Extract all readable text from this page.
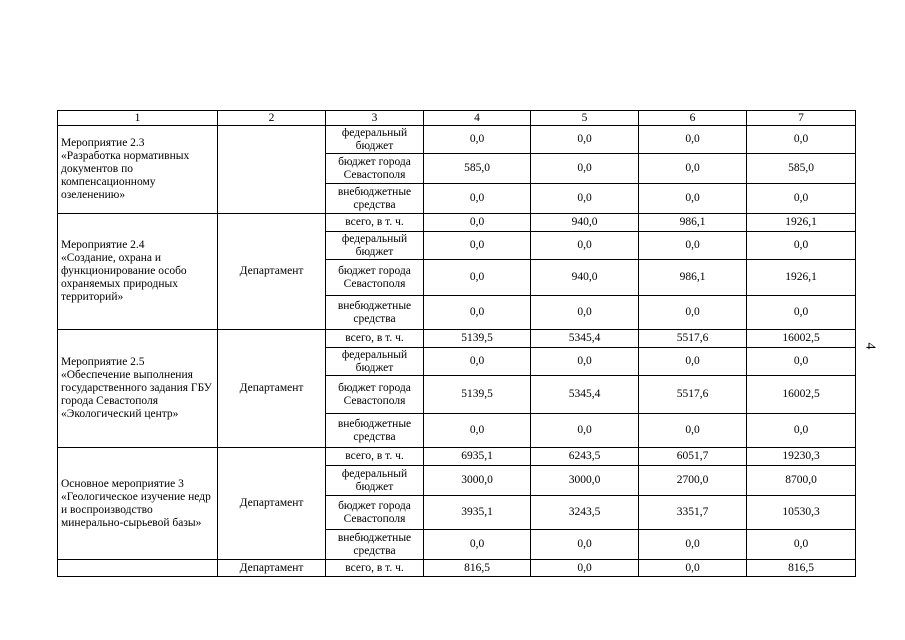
1	2	3	4	5	6	7
Мероприятие 2.3
«Разработка нормативных документов по компенсационному озеленению»		федеральный бюджет	0,0	0,0	0,0	0,0
		бюджет города Севастополя	585,0	0,0	0,0	585,0
		внебюджетные средства	0,0	0,0	0,0	0,0
Мероприятие 2.4
«Создание, охрана и функционирование особо охраняемых природных территорий»	Департамент	всего, в т. ч.	0,0	940,0	986,1	1926,1
		федеральный бюджет	0,0	0,0	0,0	0,0
		бюджет города Севастополя	0,0	940,0	986,1	1926,1
		внебюджетные средства	0,0	0,0	0,0	0,0
Мероприятие 2.5
«Обеспечение выполнения государственного задания ГБУ города Севастополя «Экологический центр»	Департамент	всего, в т. ч.	5139,5	5345,4	5517,6	16002,5
		федеральный бюджет	0,0	0,0	0,0	0,0
		бюджет города Севастополя	5139,5	5345,4	5517,6	16002,5
		внебюджетные средства	0,0	0,0	0,0	0,0
Основное мероприятие 3
«Геологическое изучение недр и воспроизводство минерально-сырьевой базы»	Департамент	всего, в т. ч.	6935,1	6243,5	6051,7	19230,3
		федеральный бюджет	3000,0	3000,0	2700,0	8700,0
		бюджет города Севастополя	3935,1	3243,5	3351,7	10530,3
		внебюджетные средства	0,0	0,0	0,0	0,0
	Департамент	всего, в т. ч.	816,5	0,0	0,0	816,5
4
